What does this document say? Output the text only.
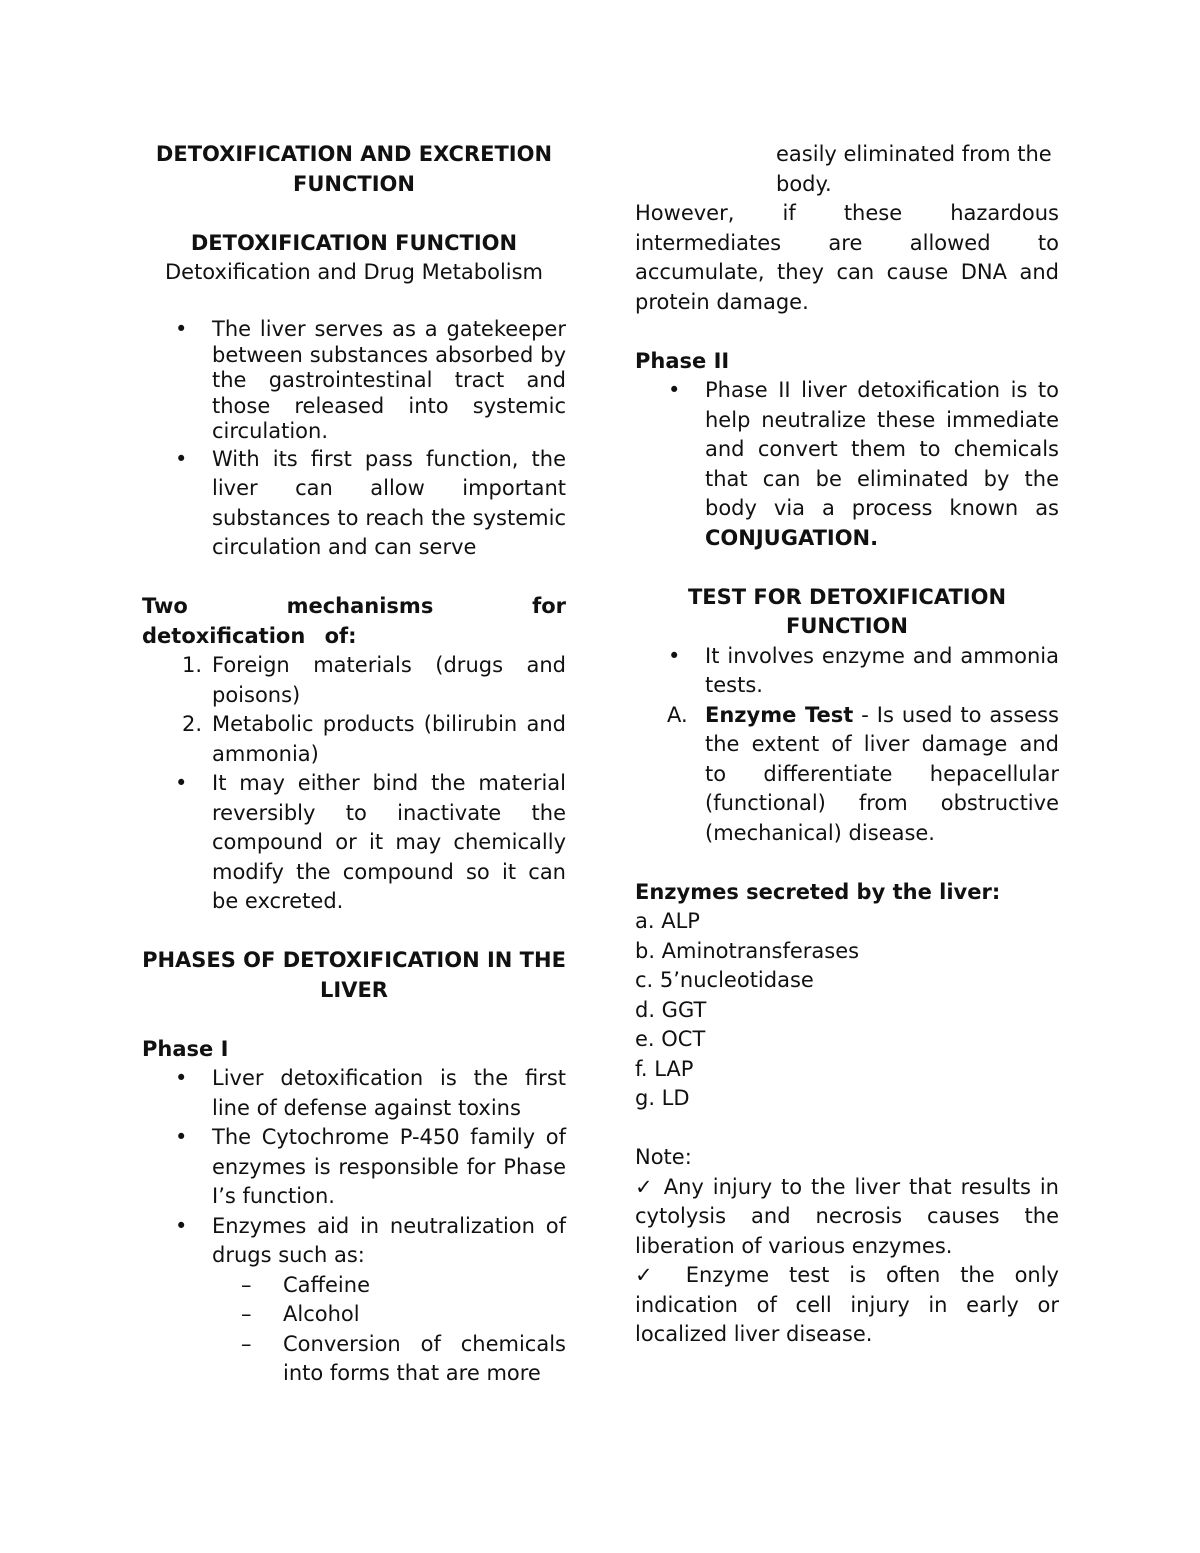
DETOXIFICATION AND EXCRETION
FUNCTION
DETOXIFICATION FUNCTION
Detoxification and Drug Metabolism
• The liver serves as a gatekeeper between substances absorbed by the gastrointestinal tract and those released into systemic circulation.
• With its first pass function, the liver can allow important substances to reach the systemic circulation and can serve
Two mechanisms for detoxification of:
1. Foreign materials (drugs and poisons)
2. Metabolic products (bilirubin and ammonia)
• It may either bind the material reversibly to inactivate the compound or it may chemically modify the compound so it can be excreted.
PHASES OF DETOXIFICATION IN THE
LIVER
Phase I
• Liver detoxification is the first line of defense against toxins
• The Cytochrome P-450 family of enzymes is responsible for Phase I’s function.
• Enzymes aid in neutralization of drugs such as:
– Caffeine
– Alcohol
– Conversion of chemicals into forms that are more
easily eliminated from the body.
However, if these hazardous intermediates are allowed to accumulate, they can cause DNA and protein damage.
Phase II
• Phase II liver detoxification is to help neutralize these immediate and convert them to chemicals that can be eliminated by the body via a process known as CONJUGATION.
TEST FOR DETOXIFICATION
FUNCTION
• It involves enzyme and ammonia tests.
A. Enzyme Test - Is used to assess the extent of liver damage and to differentiate hepacellular (functional) from obstructive (mechanical) disease.
Enzymes secreted by the liver:
a. ALP
b. Aminotransferases
c. 5’nucleotidase
d. GGT
e. OCT
f. LAP
g. LD
Note:
✓ Any injury to the liver that results in cytolysis and necrosis causes the liberation of various enzymes.
✓ Enzyme test is often the only indication of cell injury in early or localized liver disease.
